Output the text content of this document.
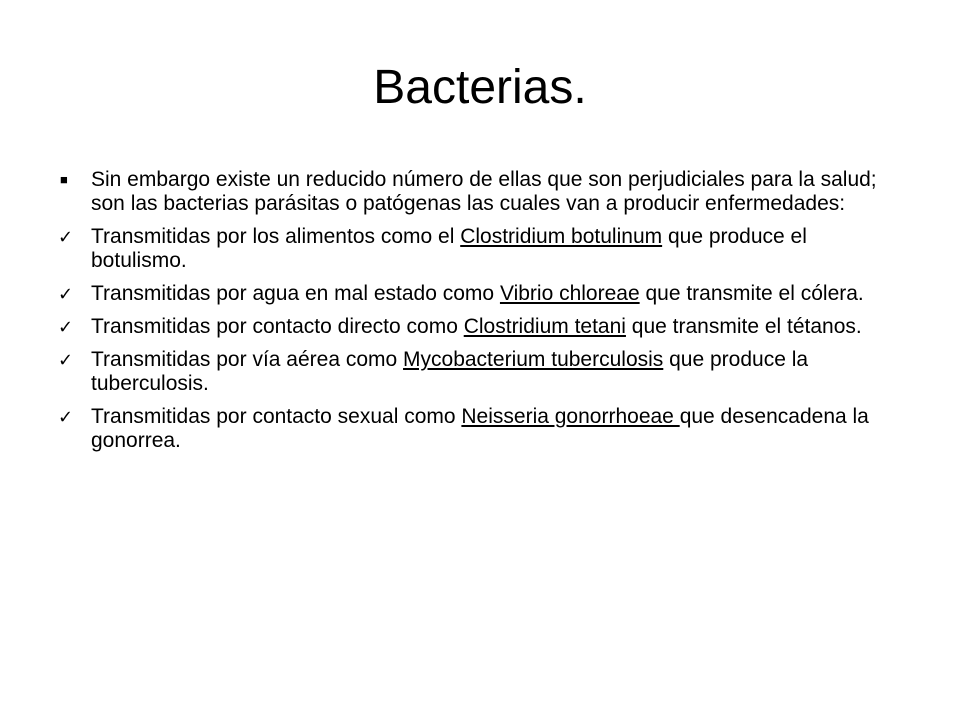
Bacterias.
■	Sin embargo existe un reducido número de ellas que son perjudiciales para la salud; son las bacterias parásitas o patógenas las cuales van a producir enfermedades:
✓ Transmitidas por los alimentos como el Clostridium botulinum que produce el botulismo.
✓ Transmitidas por agua en mal estado como Vibrio chloreae que transmite el cólera.
✓ Transmitidas por contacto directo como Clostridium tetani que transmite el tétanos.
✓ Transmitidas por vía aérea como Mycobacterium tuberculosis que produce la tuberculosis.
✓ Transmitidas por contacto sexual como Neisseria gonorrhoeae que desencadena la gonorrea.
